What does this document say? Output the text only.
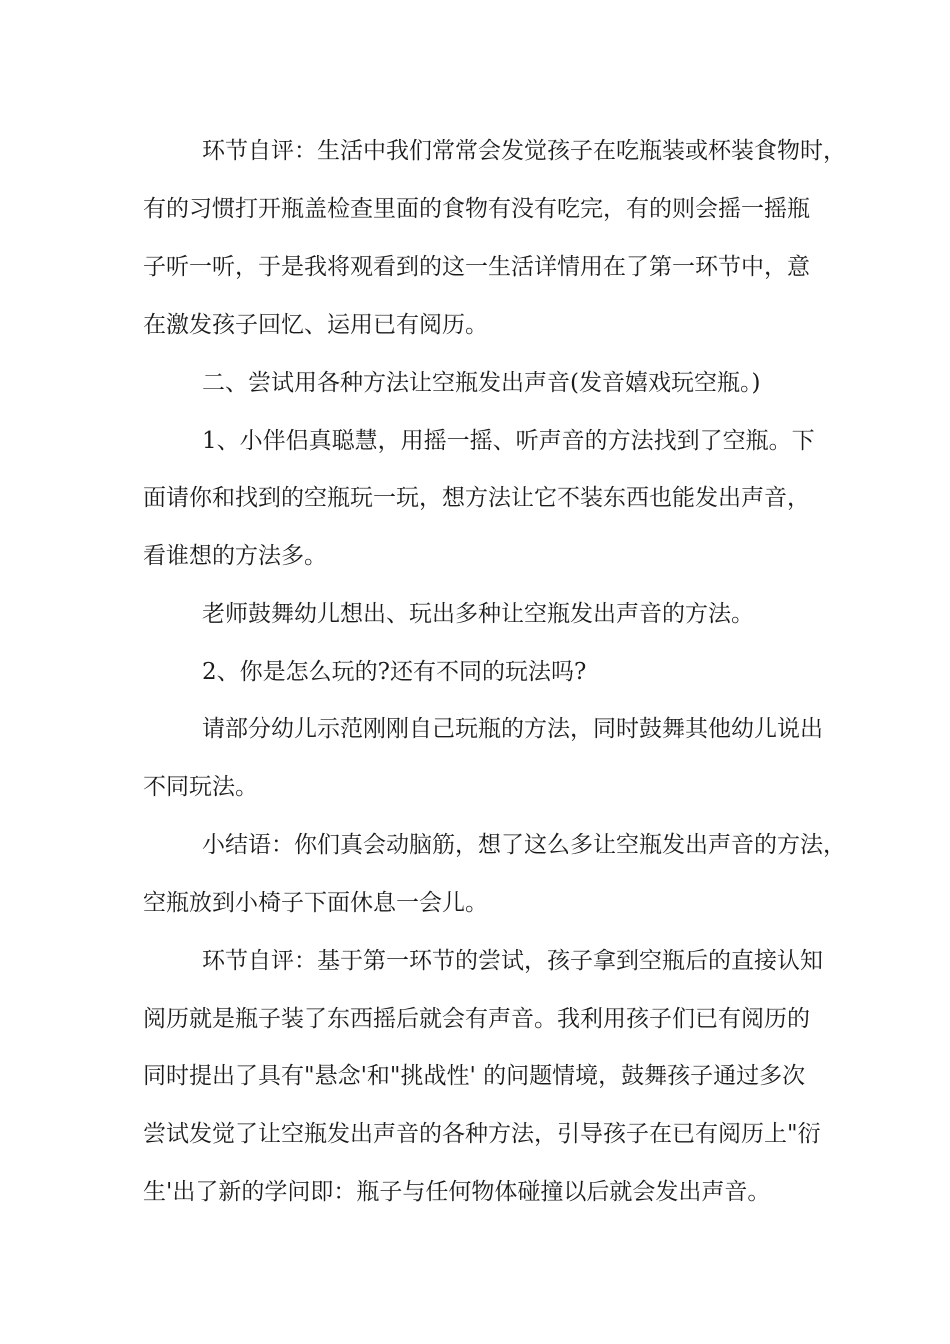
环节自评：生活中我们常常会发觉孩子在吃瓶装或杯装食物时，

有的习惯打开瓶盖检查里面的食物有没有吃完，有的则会摇一摇瓶

子听一听，于是我将观看到的这一生活详情用在了第一环节中，意

在激发孩子回忆、运用已有阅历。

二、尝试用各种方法让空瓶发出声音(发音嬉戏玩空瓶。)

1、小伴侣真聪慧，用摇一摇、听声音的方法找到了空瓶。下

面请你和找到的空瓶玩一玩，想方法让它不装东西也能发出声音，

看谁想的方法多。

老师鼓舞幼儿想出、玩出多种让空瓶发出声音的方法。

2、你是怎么玩的?还有不同的玩法吗?

请部分幼儿示范刚刚自己玩瓶的方法，同时鼓舞其他幼儿说出

不同玩法。

小结语：你们真会动脑筋，想了这么多让空瓶发出声音的方法，

空瓶放到小椅子下面休息一会儿。

环节自评：基于第一环节的尝试，孩子拿到空瓶后的直接认知

阅历就是瓶子装了东西摇后就会有声音。我利用孩子们已有阅历的

同时提出了具有"悬念'和"挑战性' 的问题情境，鼓舞孩子通过多次

尝试发觉了让空瓶发出声音的各种方法，引导孩子在已有阅历上"衍

生'出了新的学问即：瓶子与任何物体碰撞以后就会发出声音。
